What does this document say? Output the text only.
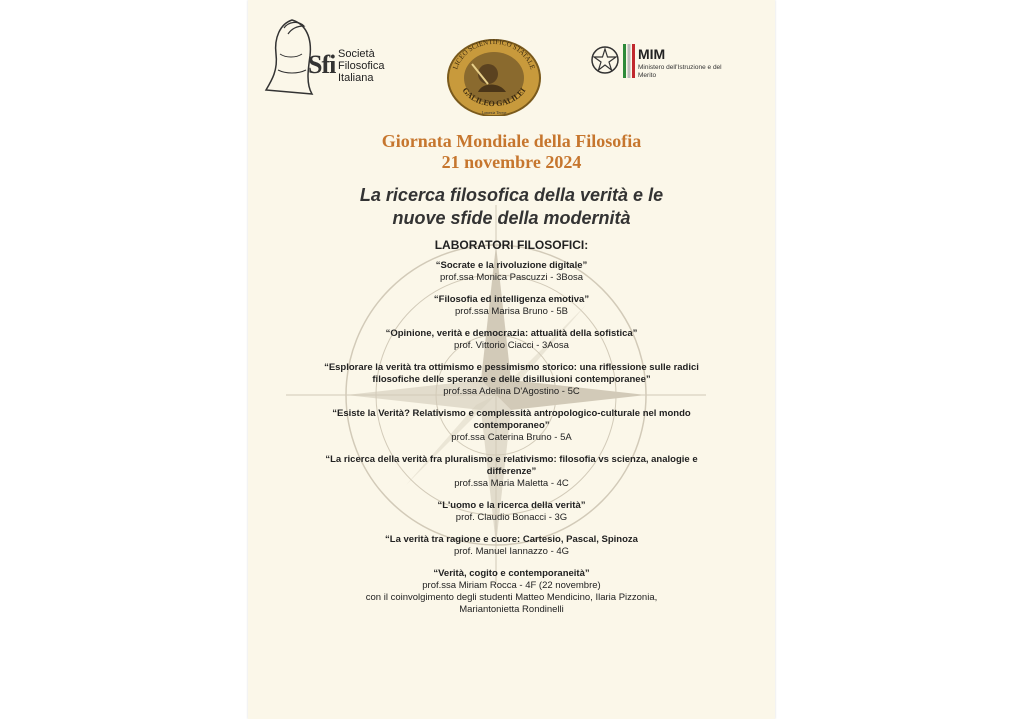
Sfi Società
Filosofica
Italiana
LICEO SCIENTIFICO STATALE
GALILEO GALILEI
Lamezia Terme
MIM
Ministero dell'Istruzione e del Merito

Giornata Mondiale della Filosofia

21 novembre 2024

La ricerca filosofica della verità e le
nuove sfide della modernità

LABORATORI FILOSOFICI:

“Socrate e la rivoluzione digitale”
prof.ssa Monica Pascuzzi - 3Bosa
“Filosofia ed intelligenza emotiva”
prof.ssa Marisa Bruno - 5B
“Opinione, verità e democrazia: attualità della sofistica”
prof. Vittorio Ciacci - 3Aosa
“Esplorare la verità tra ottimismo e pessimismo storico: una riflessione sulle radici filosofiche delle speranze e delle disillusioni contemporanee”
prof.ssa Adelina D'Agostino - 5C
“Esiste la Verità? Relativismo e complessità antropologico-culturale nel mondo contemporaneo”
prof.ssa Caterina Bruno - 5A
“La ricerca della verità fra pluralismo e relativismo: filosofia vs scienza, analogie e differenze”
prof.ssa Maria Maletta - 4C
“L'uomo e la ricerca della verità”
prof. Claudio Bonacci - 3G
“La verità tra ragione e cuore: Cartesio, Pascal, Spinoza
prof. Manuel Iannazzo - 4G
“Verità, cogito e contemporaneità”
prof.ssa Miriam Rocca - 4F (22 novembre)
con il coinvolgimento degli studenti Matteo Mendicino, Ilaria Pizzonia, Mariantonietta Rondinelli
